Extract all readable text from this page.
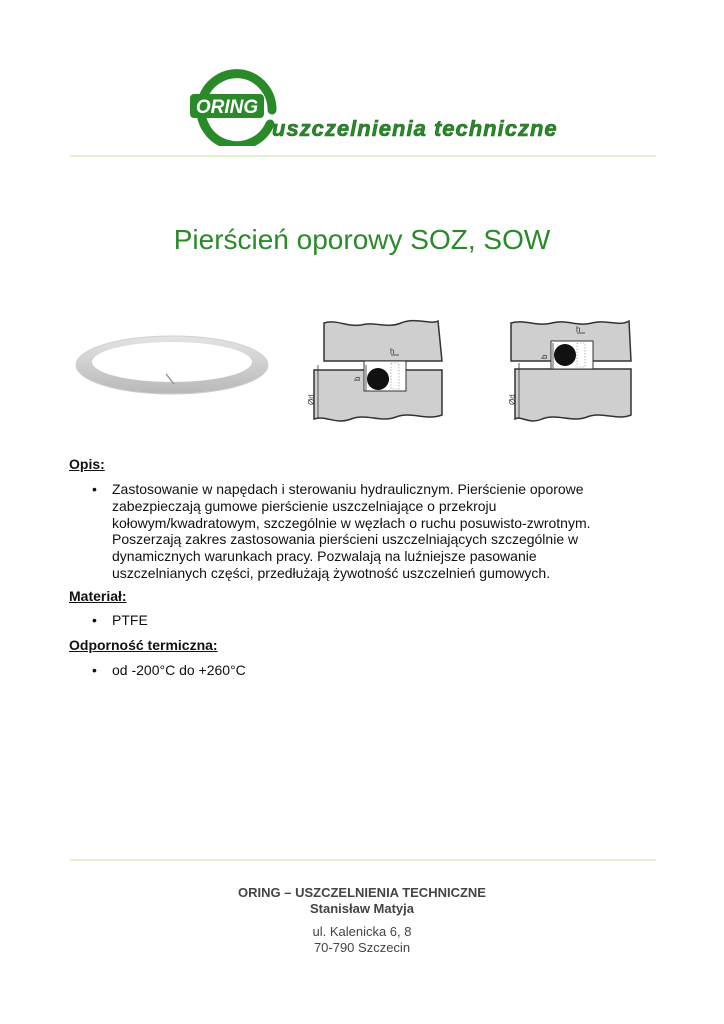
ORING
uszczelnienia techniczne
Pierścień oporowy SOZ, SOW
h
b
Ød
h
b
Ød
Opis:
• Zastosowanie w napędach i sterowaniu hydraulicznym. Pierścienie oporowe
zabezpieczają gumowe pierścienie uszczelniające o przekroju
kołowym/kwadratowym, szczególnie w węzłach o ruchu posuwisto-zwrotnym.
Poszerzają zakres zastosowania pierścieni uszczelniających szczególnie w
dynamicznych warunkach pracy. Pozwalają na luźniejsze pasowanie
uszczelnianych części, przedłużają żywotność uszczelnień gumowych.
Materiał:
• PTFE
Odporność termiczna:
• od -200°C do +260°C
ORING – USZCZELNIENIA TECHNICZNE
Stanisław Matyja
ul. Kalenicka 6, 8
70-790 Szczecin
